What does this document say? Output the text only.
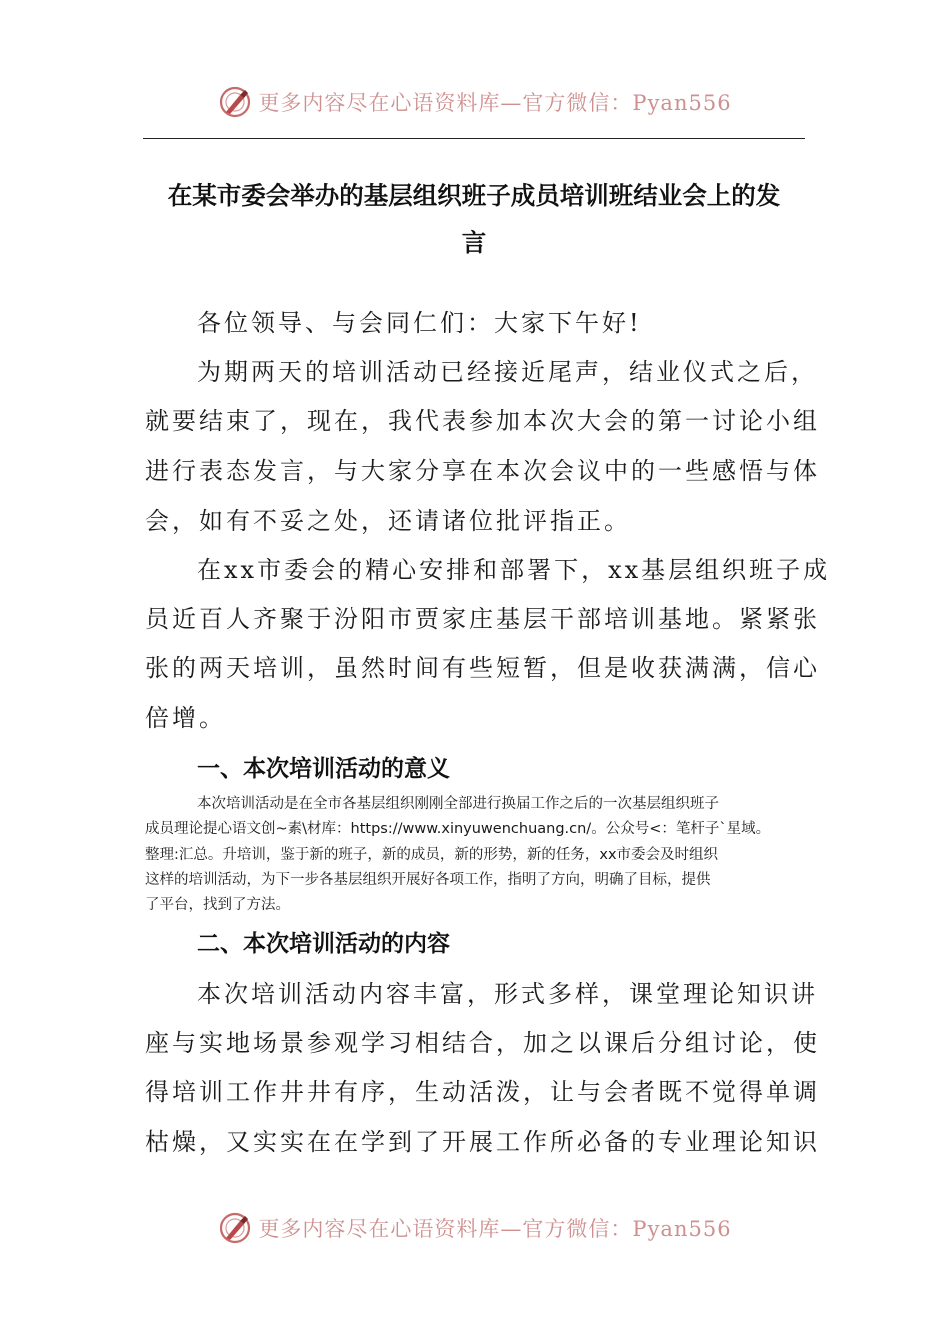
更多内容尽在心语资料库—官方微信：Pyan556
在某市委会举办的基层组织班子成员培训班结业会上的发
言
各位领导、与会同仁们：大家下午好!
为期两天的培训活动已经接近尾声，结业仪式之后，
就要结束了，现在，我代表参加本次大会的第一讨论小组
进行表态发言，与大家分享在本次会议中的一些感悟与体
会，如有不妥之处，还请诸位批评指正。
在xx市委会的精心安排和部署下，xx基层组织班子成
员近百人齐聚于汾阳市贾家庄基层干部培训基地。紧紧张
张的两天培训，虽然时间有些短暂，但是收获满满，信心
倍增。
一、本次培训活动的意义
本次培训活动是在全市各基层组织刚刚全部进行换届工作之后的一次基层组织班子
成员理论提心语文创~素\材库：https://www.xinyuwenchuang.cn/。公众号<：笔杆子`星域。
整理:汇总。升培训，鉴于新的班子，新的成员，新的形势，新的任务，xx市委会及时组织
这样的培训活动，为下一步各基层组织开展好各项工作，指明了方向，明确了目标，提供
了平台，找到了方法。
二、本次培训活动的内容
本次培训活动内容丰富，形式多样，课堂理论知识讲
座与实地场景参观学习相结合，加之以课后分组讨论，使
得培训工作井井有序，生动活泼，让与会者既不觉得单调
枯燥，又实实在在学到了开展工作所必备的专业理论知识
更多内容尽在心语资料库—官方微信：Pyan556
